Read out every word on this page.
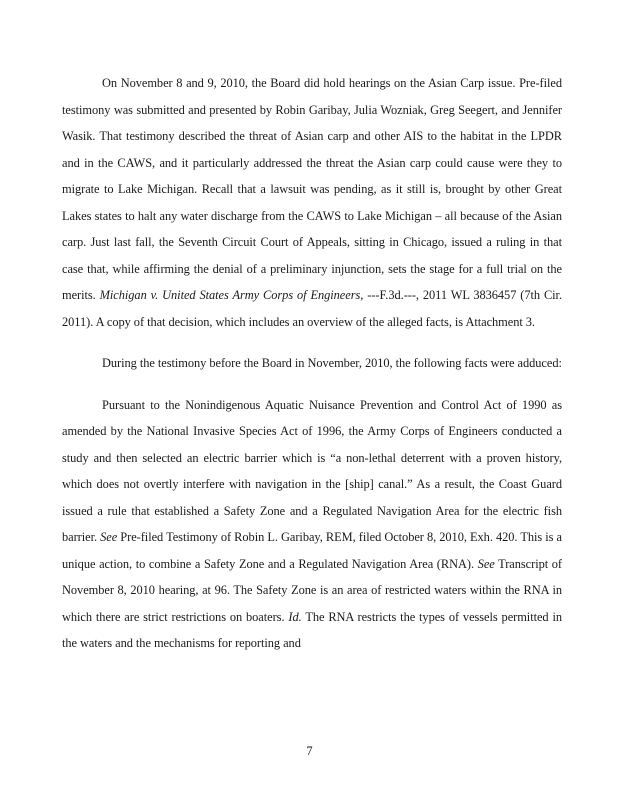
On November 8 and 9, 2010, the Board did hold hearings on the Asian Carp issue. Pre-filed testimony was submitted and presented by Robin Garibay, Julia Wozniak, Greg Seegert, and Jennifer Wasik. That testimony described the threat of Asian carp and other AIS to the habitat in the LPDR and in the CAWS, and it particularly addressed the threat the Asian carp could cause were they to migrate to Lake Michigan. Recall that a lawsuit was pending, as it still is, brought by other Great Lakes states to halt any water discharge from the CAWS to Lake Michigan – all because of the Asian carp. Just last fall, the Seventh Circuit Court of Appeals, sitting in Chicago, issued a ruling in that case that, while affirming the denial of a preliminary injunction, sets the stage for a full trial on the merits. Michigan v. United States Army Corps of Engineers, ---F.3d.---, 2011 WL 3836457 (7th Cir. 2011). A copy of that decision, which includes an overview of the alleged facts, is Attachment 3.

During the testimony before the Board in November, 2010, the following facts were adduced:

Pursuant to the Nonindigenous Aquatic Nuisance Prevention and Control Act of 1990 as amended by the National Invasive Species Act of 1996, the Army Corps of Engineers conducted a study and then selected an electric barrier which is “a non-lethal deterrent with a proven history, which does not overtly interfere with navigation in the [ship] canal.” As a result, the Coast Guard issued a rule that established a Safety Zone and a Regulated Navigation Area for the electric fish barrier. See Pre-filed Testimony of Robin L. Garibay, REM, filed October 8, 2010, Exh. 420. This is a unique action, to combine a Safety Zone and a Regulated Navigation Area (RNA). See Transcript of November 8, 2010 hearing, at 96. The Safety Zone is an area of restricted waters within the RNA in which there are strict restrictions on boaters. Id. The RNA restricts the types of vessels permitted in the waters and the mechanisms for reporting and

7
